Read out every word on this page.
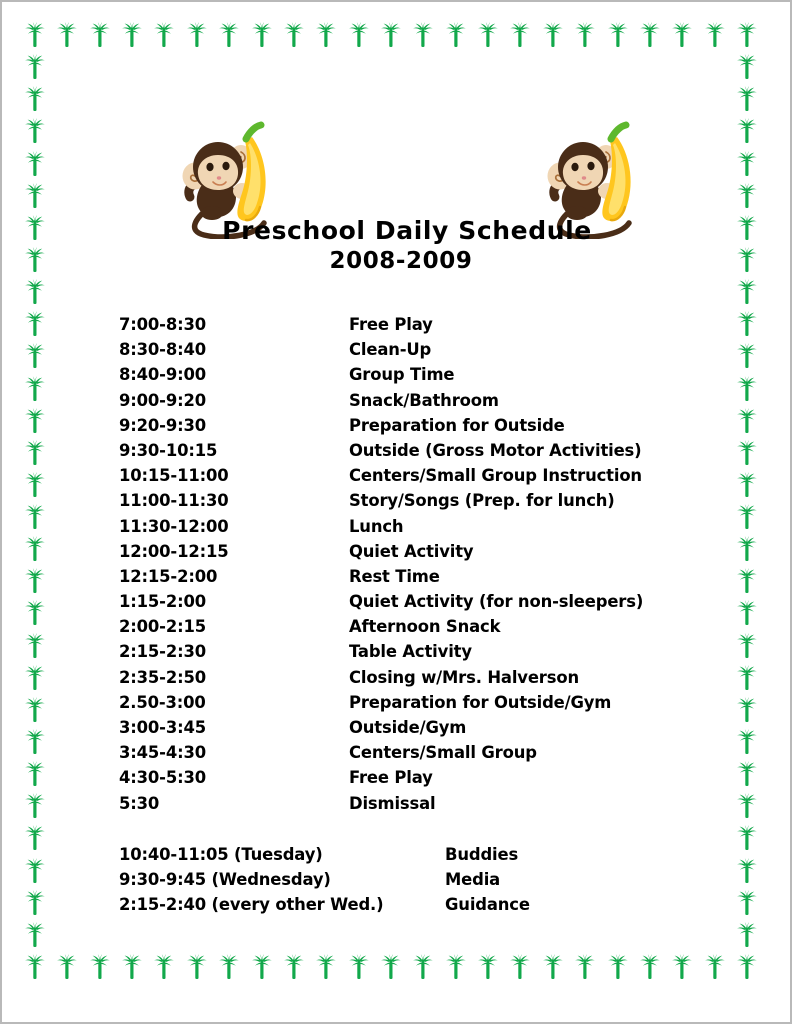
Preschool Daily Schedule
2008-2009
7:00-8:30	Free Play
8:30-8:40	Clean-Up
8:40-9:00	Group Time
9:00-9:20	Snack/Bathroom
9:20-9:30	Preparation for Outside
9:30-10:15	Outside (Gross Motor Activities)
10:15-11:00	Centers/Small Group Instruction
11:00-11:30	Story/Songs (Prep. for lunch)
11:30-12:00	Lunch
12:00-12:15	Quiet Activity
12:15-2:00	Rest Time
1:15-2:00	Quiet Activity (for non-sleepers)
2:00-2:15	Afternoon Snack
2:15-2:30	Table Activity
2:35-2:50	Closing w/Mrs. Halverson
2.50-3:00	Preparation for Outside/Gym
3:00-3:45	Outside/Gym
3:45-4:30	Centers/Small Group
4:30-5:30	Free Play
5:30	Dismissal
10:40-11:05 (Tuesday)	Buddies
9:30-9:45 (Wednesday)	Media
2:15-2:40 (every other Wed.)	Guidance
